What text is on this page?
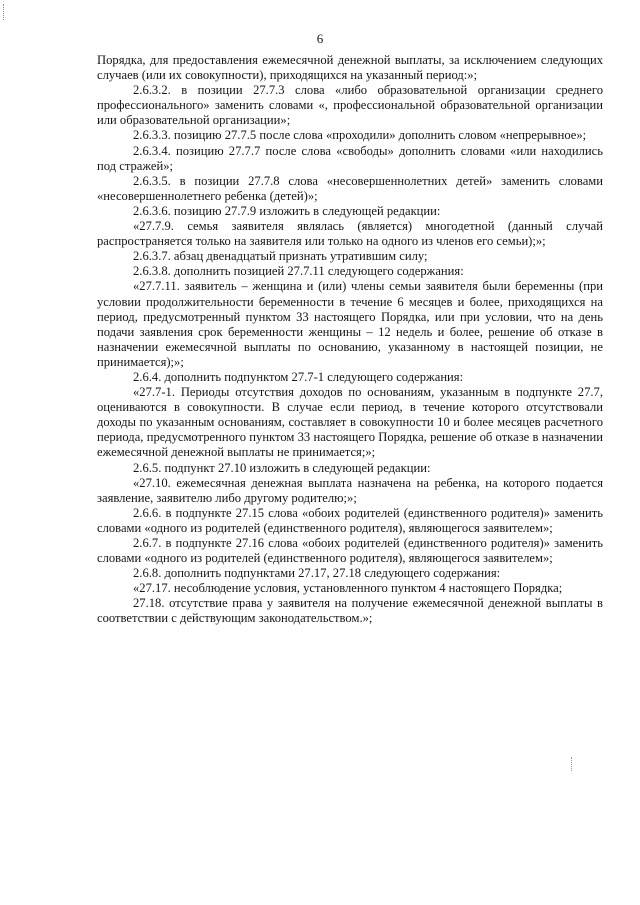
6

Порядка, для предоставления ежемесячной денежной выплаты, за исключением следующих случаев (или их совокупности), приходящихся на указанный период:»;

2.6.3.2. в позиции 27.7.3 слова «либо образовательной организации среднего профессионального» заменить словами «, профессиональной образовательной организации или образовательной организации»;

2.6.3.3. позицию 27.7.5 после слова «проходили» дополнить словом «непрерывное»;

2.6.3.4. позицию 27.7.7 после слова «свободы» дополнить словами «или находились под стражей»;

2.6.3.5. в позиции 27.7.8 слова «несовершеннолетних детей» заменить словами «несовершеннолетнего ребенка (детей)»;

2.6.3.6. позицию 27.7.9 изложить в следующей редакции:

«27.7.9. семья заявителя являлась (является) многодетной (данный случай распространяется только на заявителя или только на одного из членов его семьи);»;

2.6.3.7. абзац двенадцатый признать утратившим силу;

2.6.3.8. дополнить позицией 27.7.11 следующего содержания:

«27.7.11. заявитель – женщина и (или) члены семьи заявителя были беременны (при условии продолжительности беременности в течение 6 месяцев и более, приходящихся на период, предусмотренный пунктом 33 настоящего Порядка, или при условии, что на день подачи заявления срок беременности женщины – 12 недель и более, решение об отказе в назначении ежемесячной выплаты по основанию, указанному в настоящей позиции, не принимается);»;

2.6.4. дополнить подпунктом 27.7-1 следующего содержания:

«27.7-1. Периоды отсутствия доходов по основаниям, указанным в подпункте 27.7, оцениваются в совокупности. В случае если период, в течение которого отсутствовали доходы по указанным основаниям, составляет в совокупности 10 и более месяцев расчетного периода, предусмотренного пунктом 33 настоящего Порядка, решение об отказе в назначении ежемесячной денежной выплаты не принимается;»;

2.6.5. подпункт 27.10 изложить в следующей редакции:

«27.10. ежемесячная денежная выплата назначена на ребенка, на которого подается заявление, заявителю либо другому родителю;»;

2.6.6. в подпункте 27.15 слова «обоих родителей (единственного родителя)» заменить словами «одного из родителей (единственного родителя), являющегося заявителем»;

2.6.7. в подпункте 27.16 слова «обоих родителей (единственного родителя)» заменить словами «одного из родителей (единственного родителя), являющегося заявителем»;

2.6.8. дополнить подпунктами 27.17, 27.18 следующего содержания:

«27.17. несоблюдение условия, установленного пунктом 4 настоящего Порядка;

27.18. отсутствие права у заявителя на получение ежемесячной денежной выплаты в соответствии с действующим законодательством.»;
